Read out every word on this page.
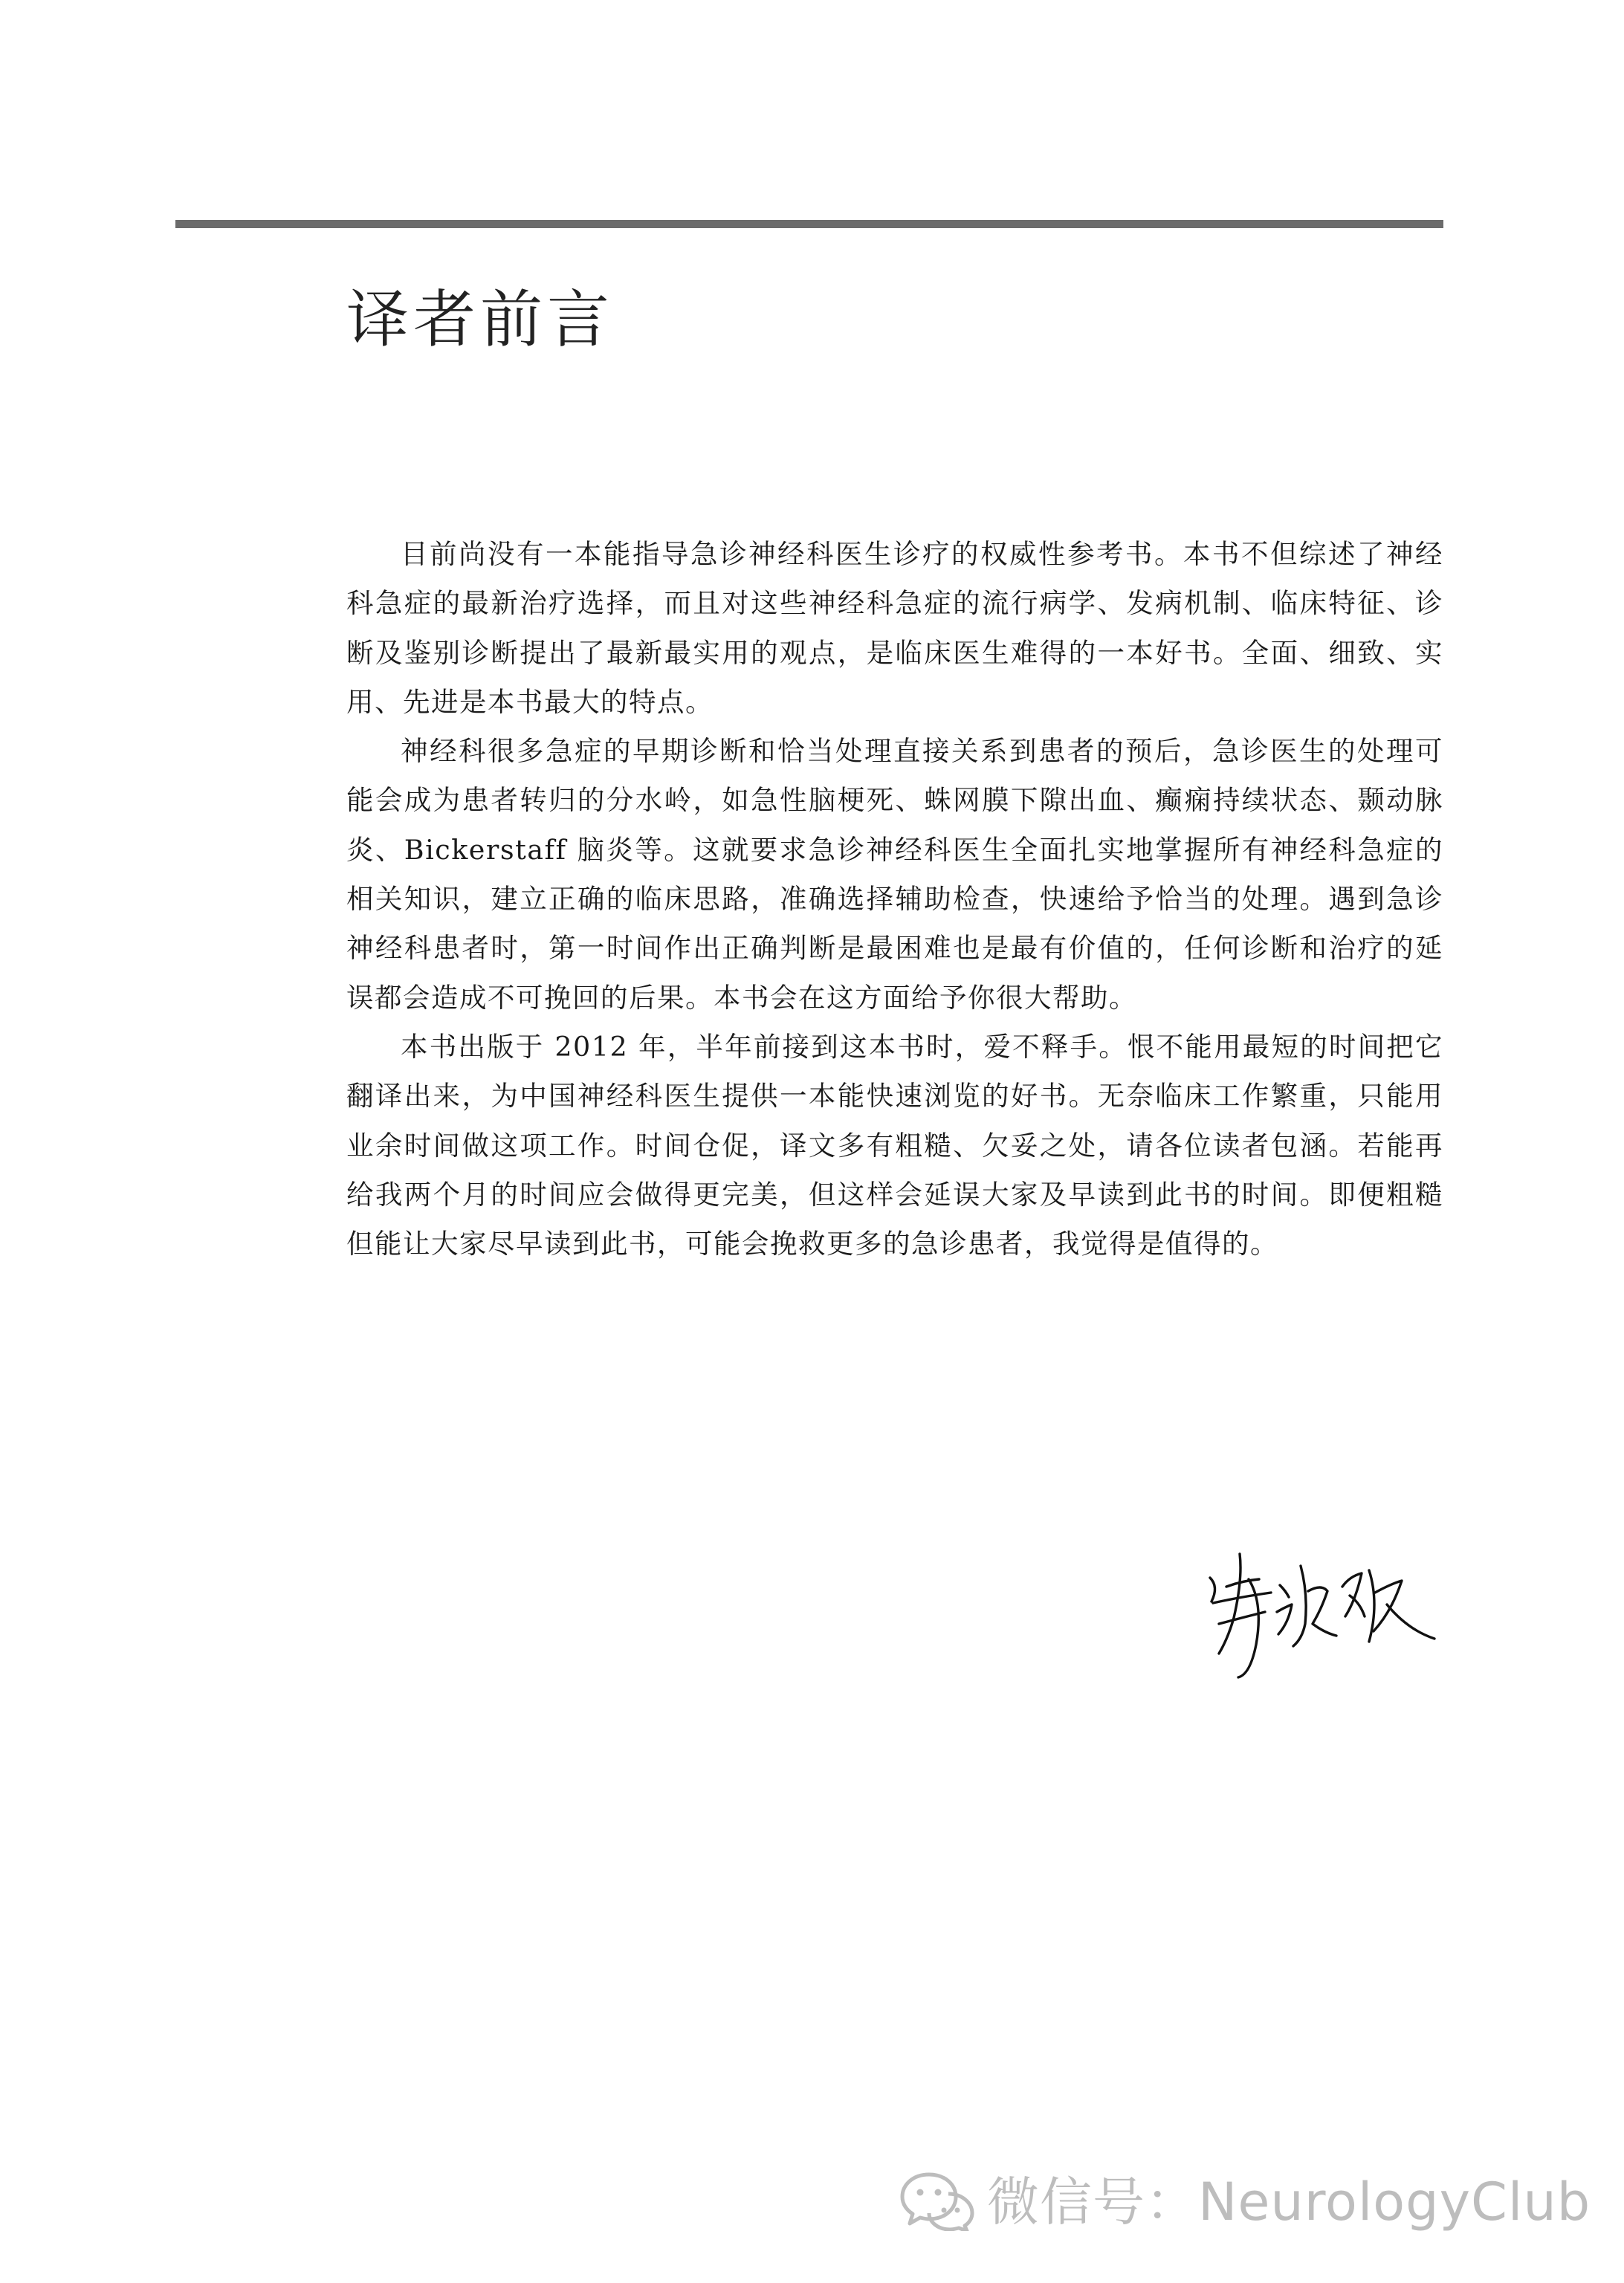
译者前言

目前尚没有一本能指导急诊神经科医生诊疗的权威性参考书。本书不但综述了神经科急症的最新治疗选择，而且对这些神经科急症的流行病学、发病机制、临床特征、诊断及鉴别诊断提出了最新最实用的观点，是临床医生难得的一本好书。全面、细致、实用、先进是本书最大的特点。

神经科很多急症的早期诊断和恰当处理直接关系到患者的预后，急诊医生的处理可能会成为患者转归的分水岭，如急性脑梗死、蛛网膜下隙出血、癫痫持续状态、颞动脉炎、Bickerstaff 脑炎等。这就要求急诊神经科医生全面扎实地掌握所有神经科急症的相关知识，建立正确的临床思路，准确选择辅助检查，快速给予恰当的处理。遇到急诊神经科患者时，第一时间作出正确判断是最困难也是最有价值的，任何诊断和治疗的延误都会造成不可挽回的后果。本书会在这方面给予你很大帮助。

本书出版于 2012 年，半年前接到这本书时，爱不释手。恨不能用最短的时间把它翻译出来，为中国神经科医生提供一本能快速浏览的好书。无奈临床工作繁重，只能用业余时间做这项工作。时间仓促，译文多有粗糙、欠妥之处，请各位读者包涵。若能再给我两个月的时间应会做得更完美，但这样会延误大家及早读到此书的时间。即便粗糙但能让大家尽早读到此书，可能会挽救更多的急诊患者，我觉得是值得的。

微信号：NeurologyClub
